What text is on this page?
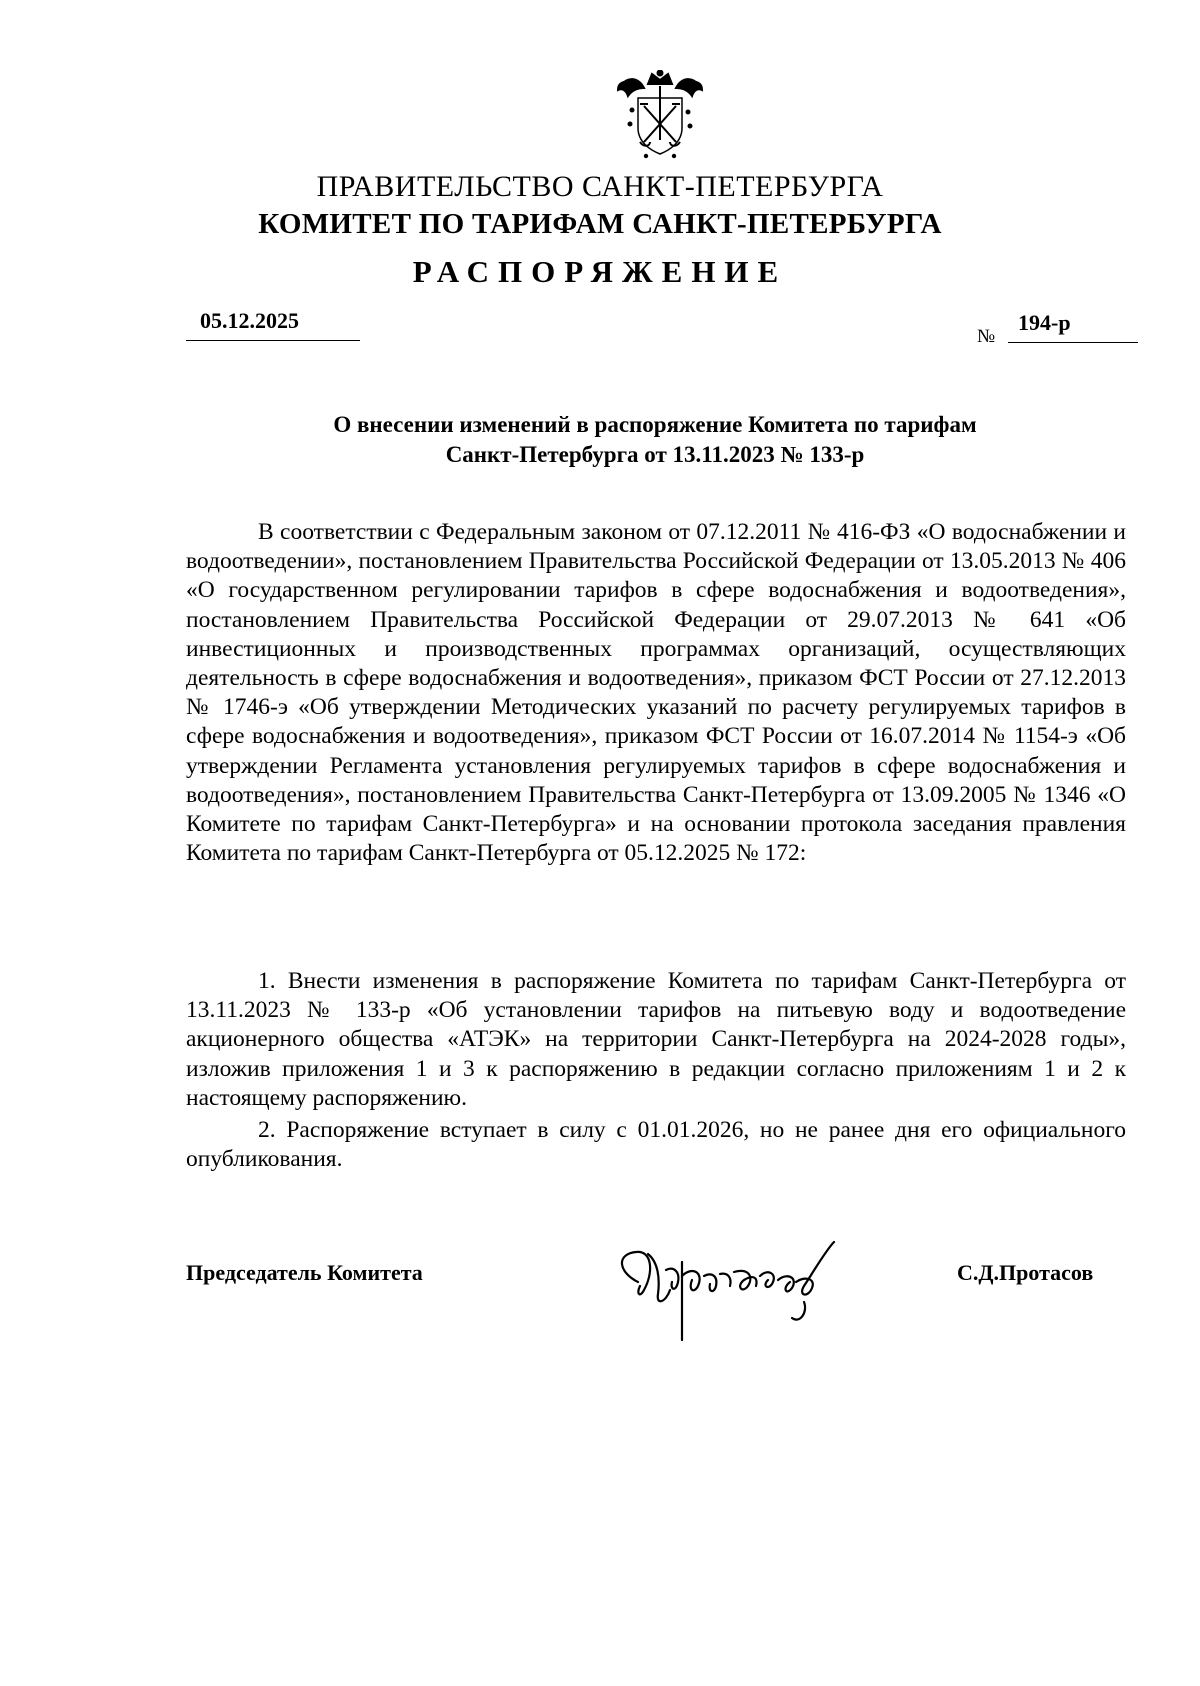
ПРАВИТЕЛЬСТВО САНКТ-ПЕТЕРБУРГА
КОМИТЕТ ПО ТАРИФАМ САНКТ-ПЕТЕРБУРГА
РАСПОРЯЖЕНИЕ
05.12.2025
№
194-р
О внесении изменений в распоряжение Комитета по тарифам
Санкт-Петербурга от 13.11.2023 № 133-р

В соответствии с Федеральным законом от 07.12.2011 № 416-ФЗ «О водоснабжении и водоотведении», постановлением Правительства Российской Федерации от 13.05.2013 № 406 «О государственном регулировании тарифов в сфере водоснабжения и водоотведения», постановлением Правительства Российской Федерации от 29.07.2013 № 641 «Об инвестиционных и производственных программах организаций, осуществляющих деятельность в сфере водоснабжения и водоотведения», приказом ФСТ России от 27.12.2013 № 1746-э «Об утверждении Методических указаний по расчету регулируемых тарифов в сфере водоснабжения и водоотведения», приказом ФСТ России от 16.07.2014 № 1154-э «Об утверждении Регламента установления регулируемых тарифов в сфере водоснабжения и водоотведения», постановлением Правительства Санкт-Петербурга от 13.09.2005 № 1346 «О Комитете по тарифам Санкт-Петербурга» и на основании протокола заседания правления Комитета по тарифам Санкт-Петербурга от 05.12.2025 № 172:

1. Внести изменения в распоряжение Комитета по тарифам Санкт-Петербурга от 13.11.2023 № 133-р «Об установлении тарифов на питьевую воду и водоотведение акционерного общества «АТЭК» на территории Санкт-Петербурга на 2024-2028 годы», изложив приложения 1 и 3 к распоряжению в редакции согласно приложениям 1 и 2 к настоящему распоряжению.

2. Распоряжение вступает в силу с 01.01.2026, но не ранее дня его официального опубликования.

Председатель Комитета	С.Д.Протасов
